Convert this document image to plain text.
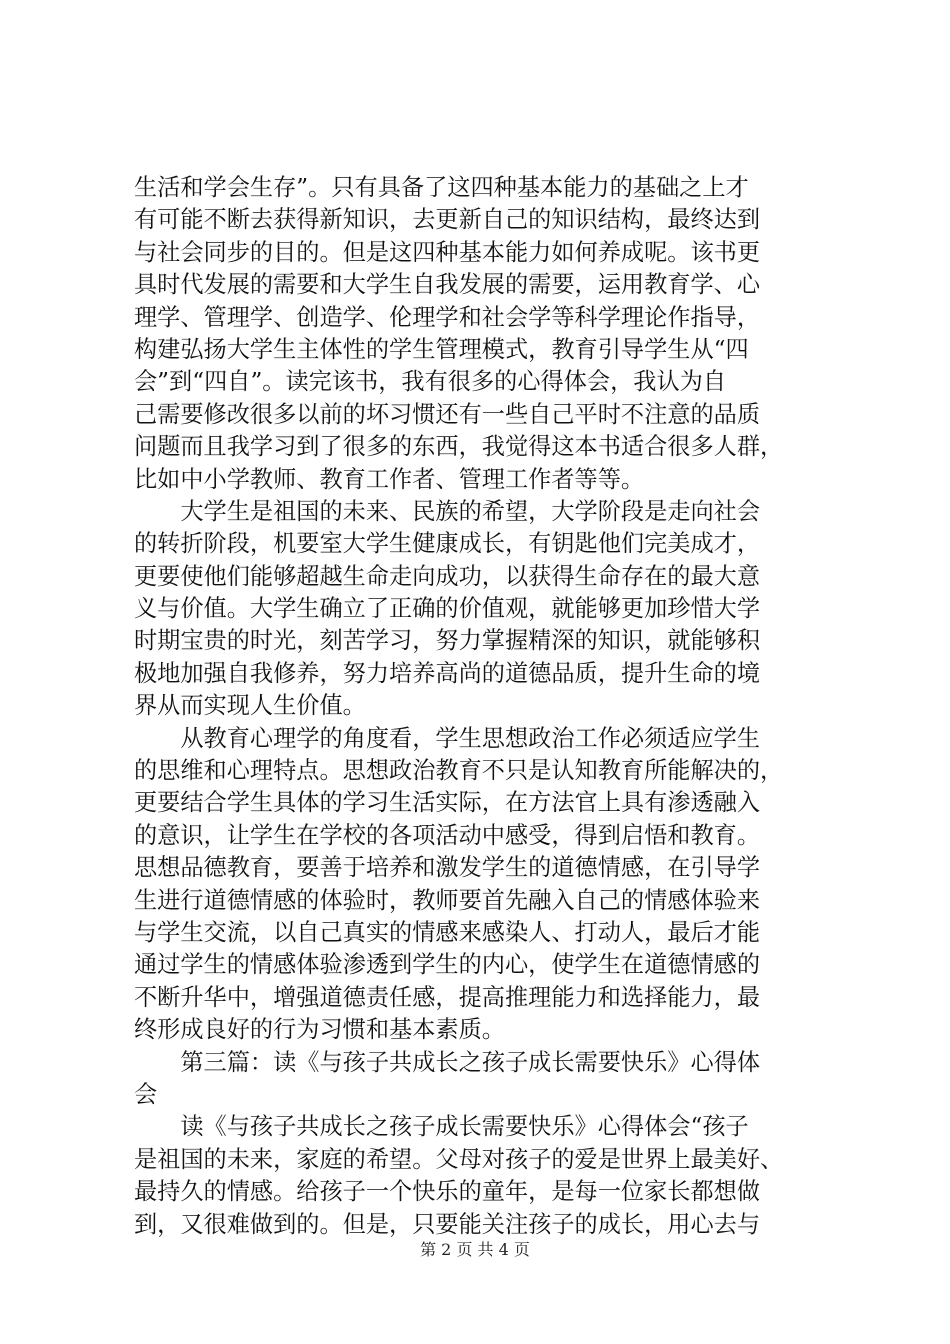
生活和学会生存”。只有具备了这四种基本能力的基础之上才
有可能不断去获得新知识，去更新自己的知识结构，最终达到
与社会同步的目的。但是这四种基本能力如何养成呢。该书更
具时代发展的需要和大学生自我发展的需要，运用教育学、心
理学、管理学、创造学、伦理学和社会学等科学理论作指导，
构建弘扬大学生主体性的学生管理模式，教育引导学生从“四
会”到“四自”。读完该书，我有很多的心得体会，我认为自
己需要修改很多以前的坏习惯还有一些自己平时不注意的品质
问题而且我学习到了很多的东西，我觉得这本书适合很多人群，
比如中小学教师、教育工作者、管理工作者等等。
　　大学生是祖国的未来、民族的希望，大学阶段是走向社会
的转折阶段，机要室大学生健康成长，有钥匙他们完美成才，
更要使他们能够超越生命走向成功，以获得生命存在的最大意
义与价值。大学生确立了正确的价值观，就能够更加珍惜大学
时期宝贵的时光，刻苦学习，努力掌握精深的知识，就能够积
极地加强自我修养，努力培养高尚的道德品质，提升生命的境
界从而实现人生价值。
　　从教育心理学的角度看，学生思想政治工作必须适应学生
的思维和心理特点。思想政治教育不只是认知教育所能解决的，
更要结合学生具体的学习生活实际，在方法官上具有渗透融入
的意识，让学生在学校的各项活动中感受，得到启悟和教育。
思想品德教育，要善于培养和激发学生的道德情感，在引导学
生进行道德情感的体验时，教师要首先融入自己的情感体验来
与学生交流，以自己真实的情感来感染人、打动人，最后才能
通过学生的情感体验渗透到学生的内心，使学生在道德情感的
不断升华中，增强道德责任感，提高推理能力和选择能力，最
终形成良好的行为习惯和基本素质。
　　第三篇：读《与孩子共成长之孩子成长需要快乐》心得体
会
　　读《与孩子共成长之孩子成长需要快乐》心得体会“孩子
是祖国的未来，家庭的希望。父母对孩子的爱是世界上最美好、
最持久的情感。给孩子一个快乐的童年，是每一位家长都想做
到，又很难做到的。但是，只要能关注孩子的成长，用心去与
第 2 页 共 4 页
